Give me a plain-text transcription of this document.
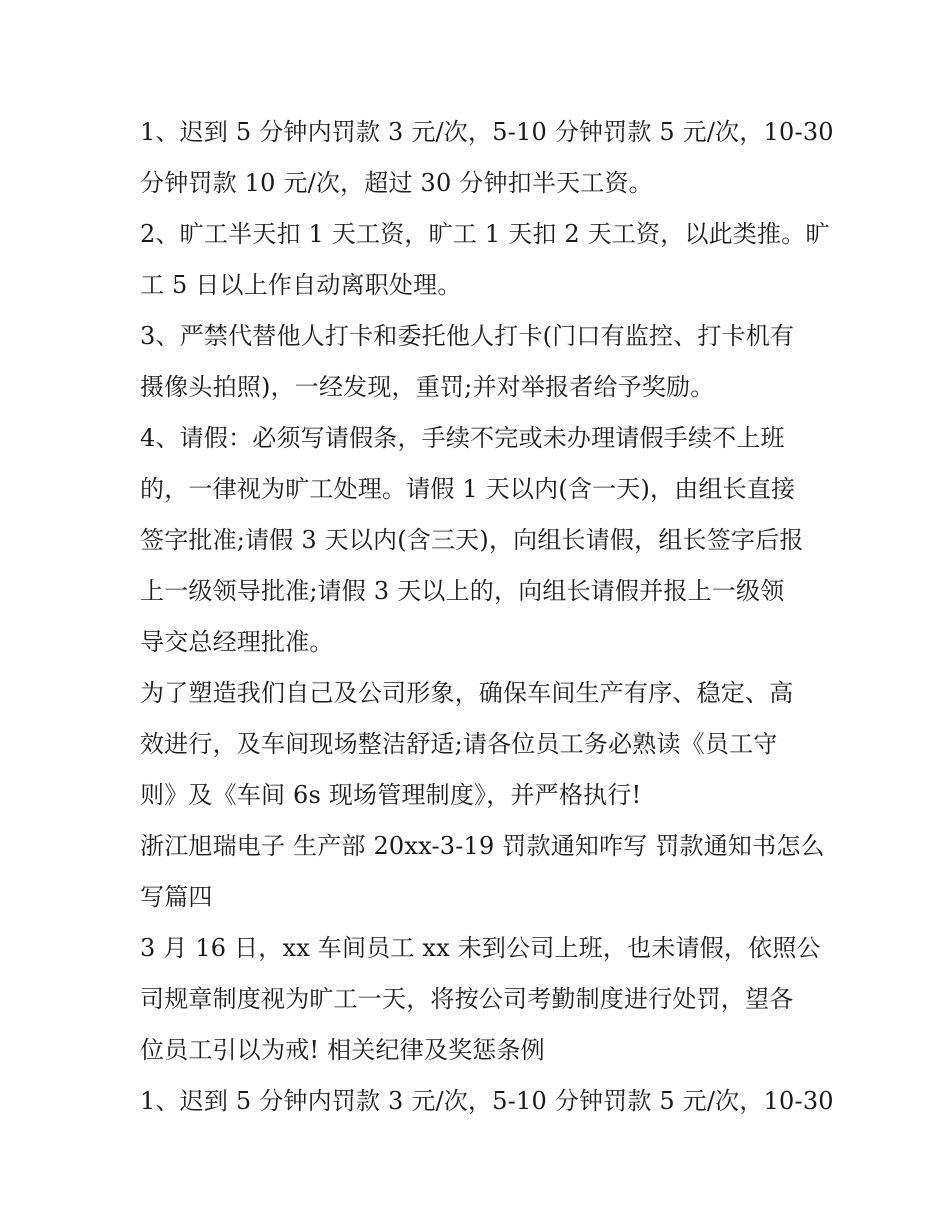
1、迟到 5 分钟内罚款 3 元/次，5-10 分钟罚款 5 元/次，10-30
分钟罚款 10 元/次，超过 30 分钟扣半天工资。
2、旷工半天扣 1 天工资，旷工 1 天扣 2 天工资，以此类推。旷
工 5 日以上作自动离职处理。
3、严禁代替他人打卡和委托他人打卡(门口有监控、打卡机有
摄像头拍照)，一经发现，重罚;并对举报者给予奖励。
4、请假：必须写请假条，手续不完或未办理请假手续不上班
的，一律视为旷工处理。请假 1 天以内(含一天)，由组长直接
签字批准;请假 3 天以内(含三天)，向组长请假，组长签字后报
上一级领导批准;请假 3 天以上的，向组长请假并报上一级领
导交总经理批准。
为了塑造我们自己及公司形象，确保车间生产有序、稳定、高
效进行，及车间现场整洁舒适;请各位员工务必熟读《员工守
则》及《车间 6s 现场管理制度》，并严格执行!
浙江旭瑞电子 生产部 20xx-3-19 罚款通知咋写 罚款通知书怎么
写篇四
3 月 16 日，xx 车间员工 xx 未到公司上班，也未请假，依照公
司规章制度视为旷工一天，将按公司考勤制度进行处罚，望各
位员工引以为戒! 相关纪律及奖惩条例
1、迟到 5 分钟内罚款 3 元/次，5-10 分钟罚款 5 元/次，10-30
